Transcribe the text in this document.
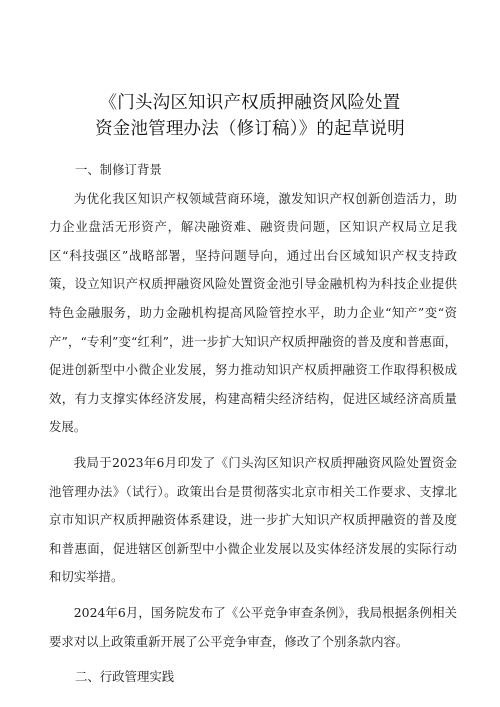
《门头沟区知识产权质押融资风险处置
资金池管理办法（修订稿）》的起草说明

一、制修订背景

为优化我区知识产权领域营商环境，激发知识产权创新创造活力，助力企业盘活无形资产，解决融资难、融资贵问题，区知识产权局立足我区“科技强区”战略部署，坚持问题导向，通过出台区域知识产权支持政策，设立知识产权质押融资风险处置资金池引导金融机构为科技企业提供特色金融服务，助力金融机构提高风险管控水平，助力企业“知产”变“资产”，“专利”变“红利”，进一步扩大知识产权质押融资的普及度和普惠面，促进创新型中小微企业发展，努力推动知识产权质押融资工作取得积极成效，有力支撑实体经济发展，构建高精尖经济结构，促进区域经济高质量发展。

我局于2023年6月印发了《门头沟区知识产权质押融资风险处置资金池管理办法》（试行）。政策出台是贯彻落实北京市相关工作要求、支撑北京市知识产权质押融资体系建设，进一步扩大知识产权质押融资的普及度和普惠面，促进辖区创新型中小微企业发展以及实体经济发展的实际行动和切实举措。

2024年6月，国务院发布了《公平竞争审查条例》，我局根据条例相关要求对以上政策重新开展了公平竞争审查，修改了个别条款内容。

二、行政管理实践
